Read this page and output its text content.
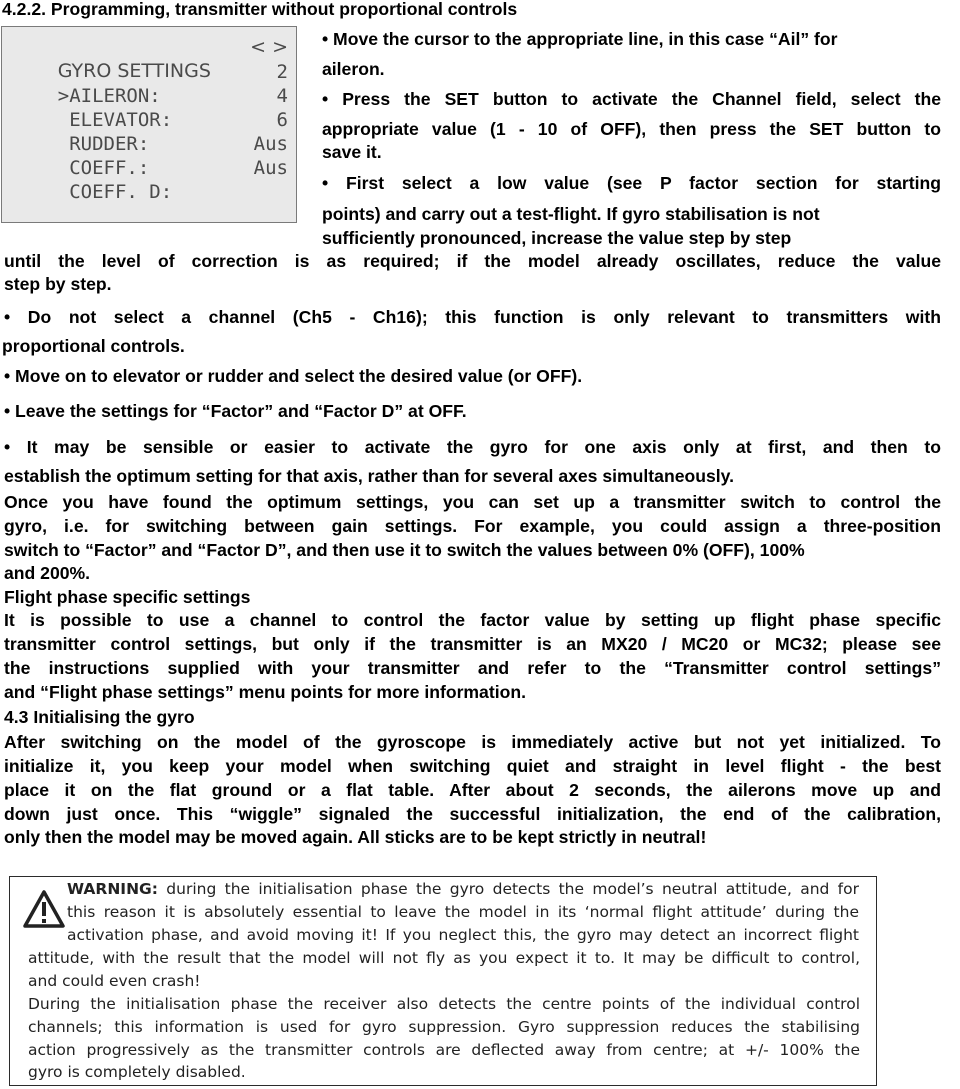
4.2.2. Programming, transmitter without proportional controls

GYRO SETTINGS

< >

>AILERON:

2

ELEVATOR:

4

RUDDER:

6

COEFF.:

Aus

COEFF. D:

Aus

• Move the cursor to the appropriate line, in this case “Ail” for
aileron.
• Press the SET button to activate the Channel field, select the
appropriate value (1 - 10 of OFF), then press the SET button to
save it.
• First select a low value (see P factor section for starting
points) and carry out a test-flight. If gyro stabilisation is not
sufficiently pronounced, increase the value step by step
until the level of correction is as required; if the model already oscillates, reduce the value
step by step.
• Do not select a channel (Ch5 - Ch16); this function is only relevant to transmitters with
proportional controls.
• Move on to elevator or rudder and select the desired value (or OFF).
• Leave the settings for “Factor” and “Factor D” at OFF.
• It may be sensible or easier to activate the gyro for one axis only at first, and then to
establish the optimum setting for that axis, rather than for several axes simultaneously.
Once you have found the optimum settings, you can set up a transmitter switch to control the
gyro, i.e. for switching between gain settings. For example, you could assign a three-position
switch to “Factor” and “Factor D”, and then use it to switch the values between 0% (OFF), 100%
and 200%.
Flight phase specific settings
It is possible to use a channel to control the factor value by setting up flight phase specific
transmitter control settings, but only if the transmitter is an MX20 / MC20 or MC32; please see
the instructions supplied with your transmitter and refer to the “Transmitter control settings”
and “Flight phase settings” menu points for more information.
4.3 Initialising the gyro
After switching on the model of the gyroscope is immediately active but not yet initialized. To
initialize it, you keep your model when switching quiet and straight in level flight - the best
place it on the flat ground or a flat table. After about 2 seconds, the ailerons move up and
down just once. This “wiggle” signaled the successful initialization, the end of the calibration,
only then the model may be moved again. All sticks are to be kept strictly in neutral!
WARNING: during the initialisation phase the gyro detects the model’s neutral attitude, and for
this reason it is absolutely essential to leave the model in its ‘normal flight attitude’ during the
activation phase, and avoid moving it! If you neglect this, the gyro may detect an incorrect flight
attitude, with the result that the model will not fly as you expect it to. It may be difficult to control,
and could even crash!
During the initialisation phase the receiver also detects the centre points of the individual control
channels; this information is used for gyro suppression. Gyro suppression reduces the stabilising
action progressively as the transmitter controls are deflected away from centre; at +/- 100% the
gyro is completely disabled.
